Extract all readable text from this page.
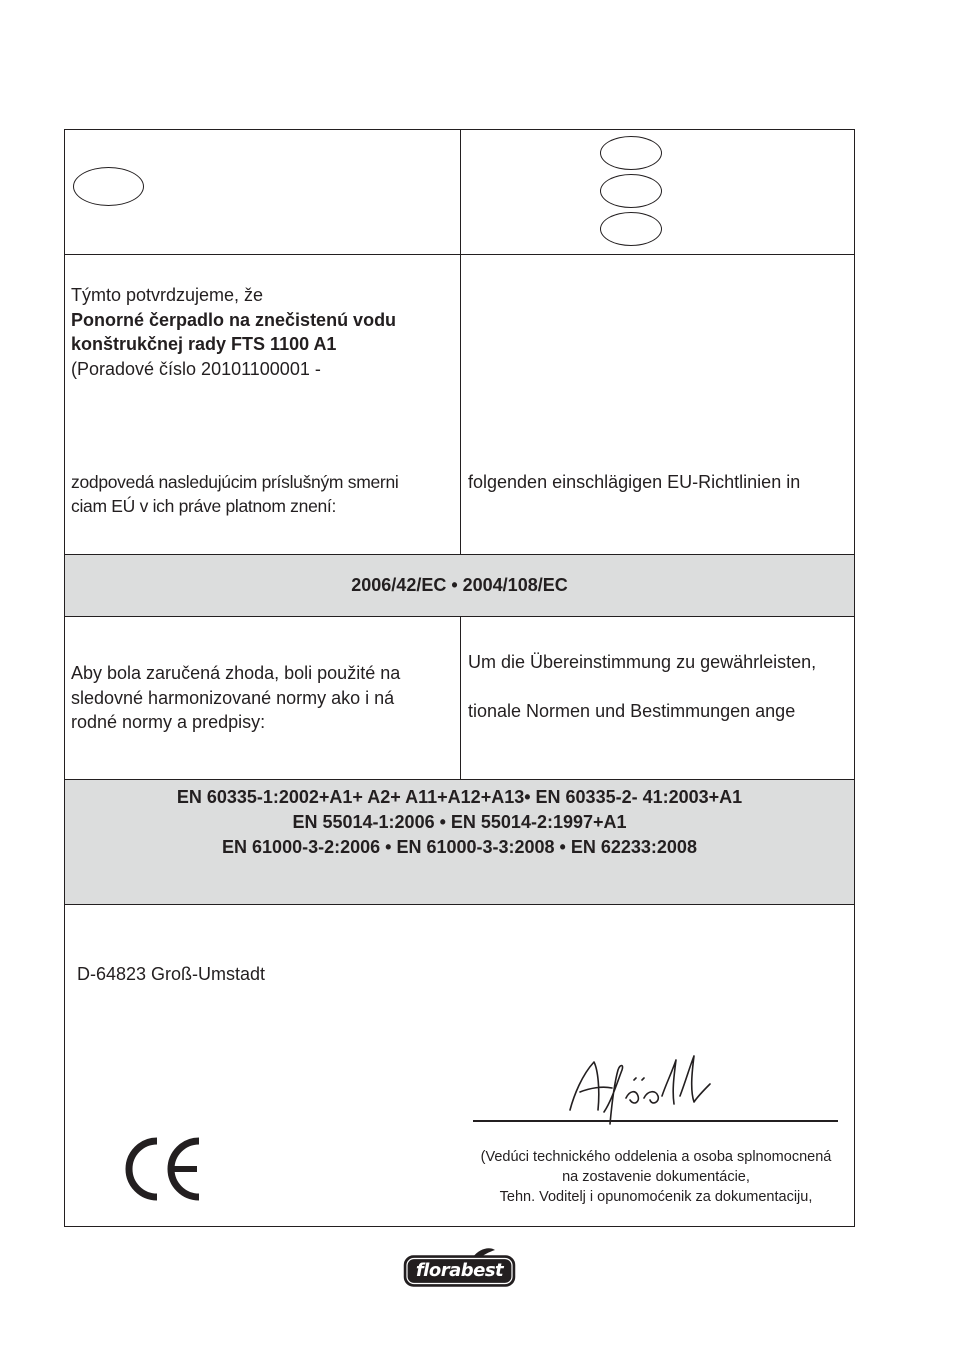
Týmto potvrdzujeme, že
Ponorné čerpadlo na znečistenú vodu
konštrukčnej rady FTS 1100 A1
(Poradové číslo 20101100001 -
zodpovedá nasledujúcim príslušným smerni
ciam EÚ v ich práve platnom znení:
folgenden einschlägigen EU-Richtlinien in
2006/42/EC • 2004/108/EC
Aby bola zaručená zhoda, boli použité na
sledovné harmonizované normy ako i ná
rodné normy a predpisy:
Um die Übereinstimmung zu gewährleisten,
tionale Normen und Bestimmungen ange
EN 60335-1:2002+A1+ A2+ A11+A12+A13• EN 60335-2- 41:2003+A1
EN 55014-1:2006 • EN 55014-2:1997+A1
EN 61000-3-2:2006 • EN 61000-3-3:2008 • EN 62233:2008
D-64823 Groß-Umstadt
(Vedúci technického oddelenia a osoba splnomocnená
na zostavenie dokumentácie,
Tehn. Voditelj i opunomoćenik za dokumentaciju,
florabest
